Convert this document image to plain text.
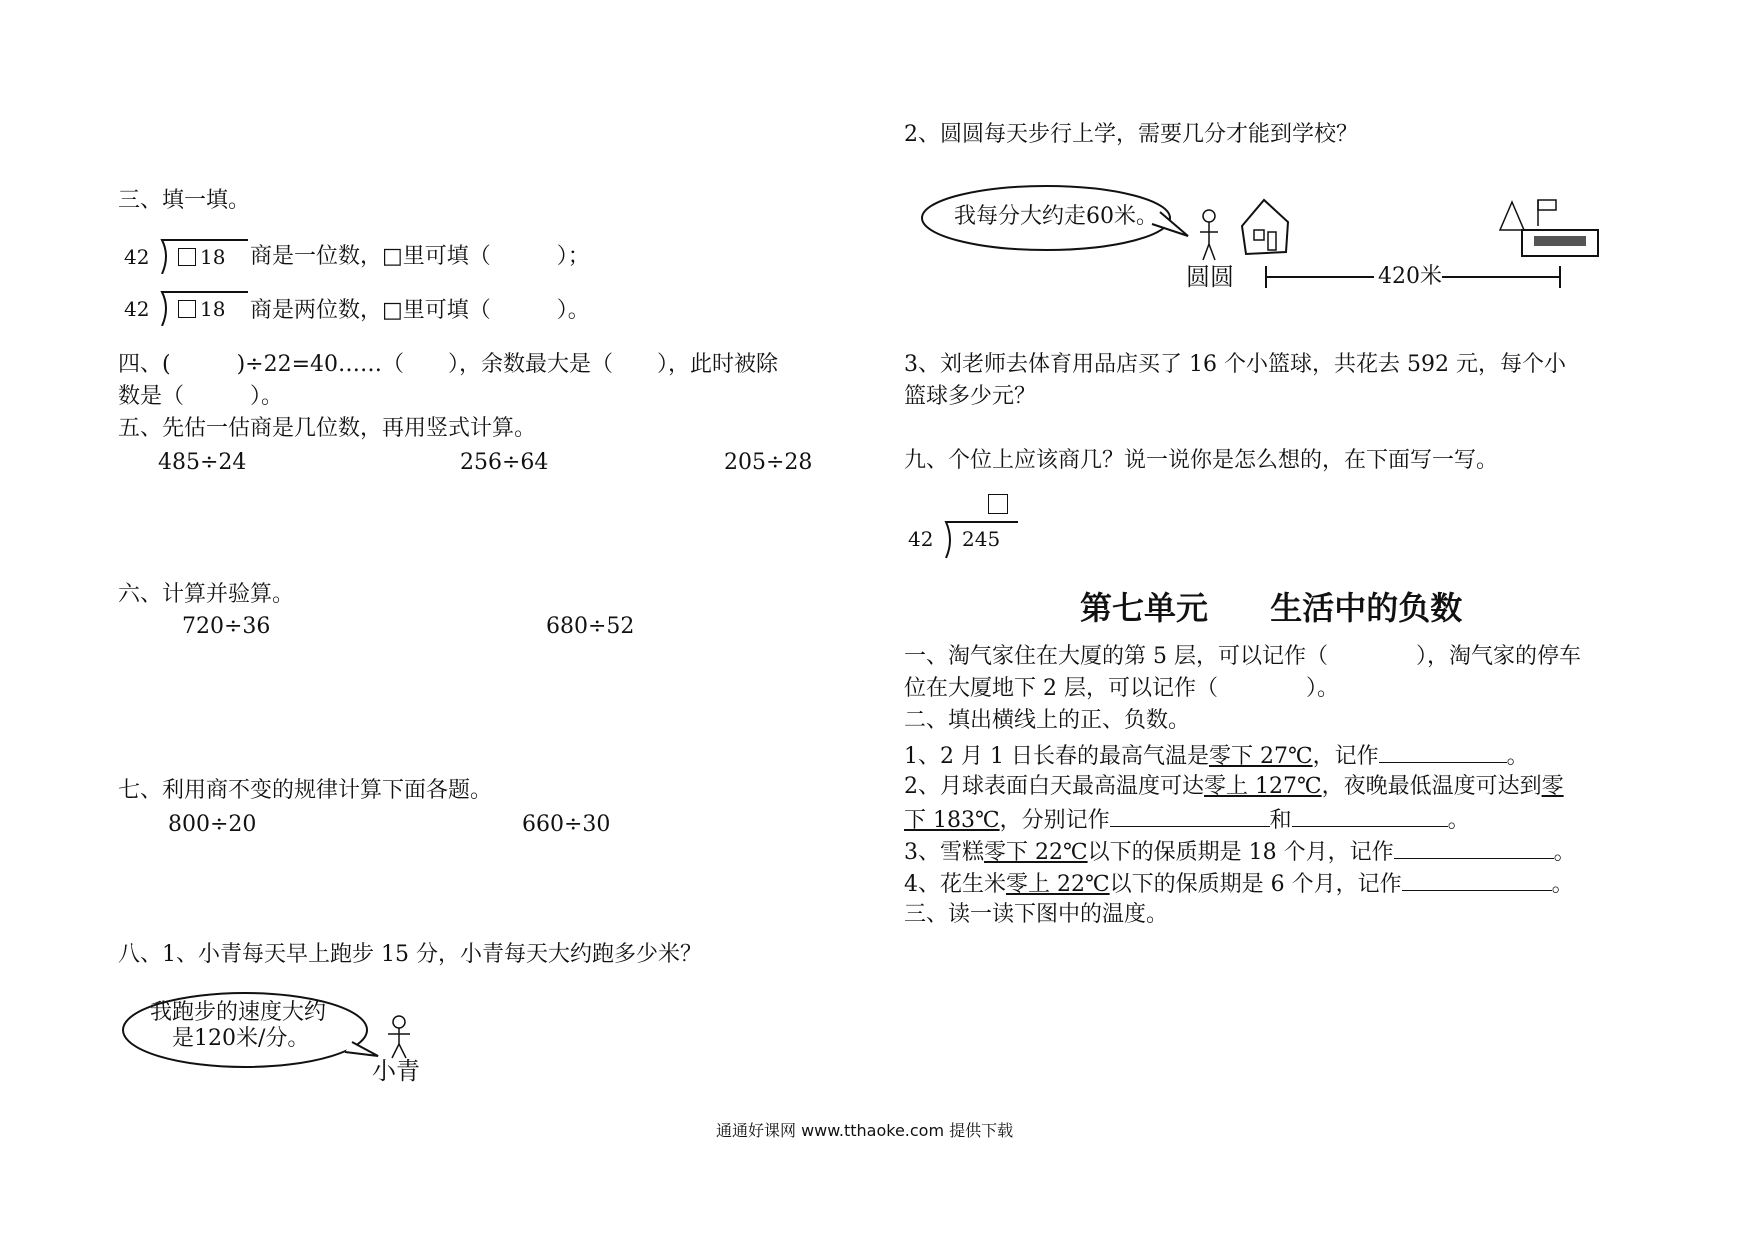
三、填一填。
42	18 商是一位数，□里可填（　　　）；
42	18 商是两位数，□里可填（　　　）。
四、(　　　)÷22=40……（　　），余数最大是（　　），此时被除
数是（　　　）。
五、先估一估商是几位数，再用竖式计算。
485÷24	256÷64	205÷28
六、计算并验算。
720÷36	680÷52
七、利用商不变的规律计算下面各题。
800÷20	660÷30
八、1、小青每天早上跑步 15 分，小青每天大约跑多少米？
我跑步的速度大约
是120米/分。
小青
2、圆圆每天步行上学，需要几分才能到学校？
我每分大约走60米。
圆圆	420米
3、刘老师去体育用品店买了 16 个小篮球，共花去 592 元，每个小
篮球多少元？
九、个位上应该商几？说一说你是怎么想的，在下面写一写。
42 245
第七单元 生活中的负数
一、淘气家住在大厦的第 5 层，可以记作（　　　　），淘气家的停车
位在大厦地下 2 层，可以记作（　　　　）。
二、填出横线上的正、负数。
1、2 月 1 日长春的最高气温是零下 27℃，记作	。
2、月球表面白天最高温度可达零上 127℃，夜晚最低温度可达到零
下 183℃，分别记作	和	。
3、雪糕零下 22℃以下的保质期是 18 个月，记作	。
4、花生米零上 22℃以下的保质期是 6 个月，记作	。
三、读一读下图中的温度。
通通好课网 www.tthaoke.com 提供下载
